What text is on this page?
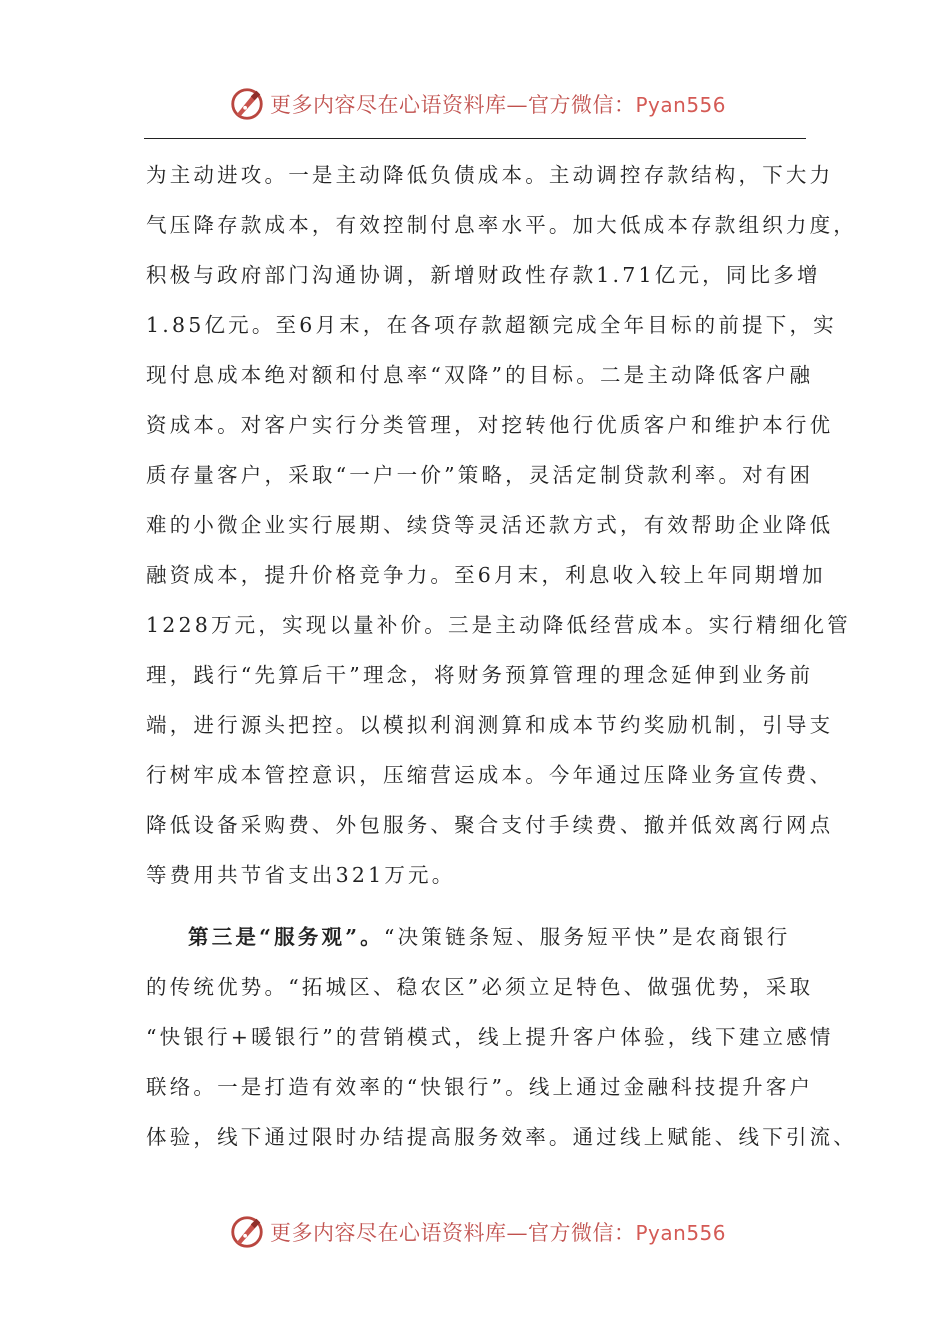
更多内容尽在心语资料库—官方微信：Pyan556
为主动进攻。一是主动降低负债成本。主动调控存款结构，下大力
气压降存款成本，有效控制付息率水平。加大低成本存款组织力度，
积极与政府部门沟通协调，新增财政性存款1.71亿元，同比多增
1.85亿元。至6月末，在各项存款超额完成全年目标的前提下，实
现付息成本绝对额和付息率“双降”的目标。二是主动降低客户融
资成本。对客户实行分类管理，对挖转他行优质客户和维护本行优
质存量客户，采取“一户一价”策略，灵活定制贷款利率。对有困
难的小微企业实行展期、续贷等灵活还款方式，有效帮助企业降低
融资成本，提升价格竞争力。至6月末，利息收入较上年同期增加
1228万元，实现以量补价。三是主动降低经营成本。实行精细化管
理，践行“先算后干”理念，将财务预算管理的理念延伸到业务前
端，进行源头把控。以模拟利润测算和成本节约奖励机制，引导支
行树牢成本管控意识，压缩营运成本。今年通过压降业务宣传费、
降低设备采购费、外包服务、聚合支付手续费、撤并低效离行网点
等费用共节省支出321万元。
第三是“服务观”。“决策链条短、服务短平快”是农商银行
的传统优势。“拓城区、稳农区”必须立足特色、做强优势，采取
“快银行+暖银行”的营销模式，线上提升客户体验，线下建立感情
联络。一是打造有效率的“快银行”。线上通过金融科技提升客户
体验，线下通过限时办结提高服务效率。通过线上赋能、线下引流、
更多内容尽在心语资料库—官方微信：Pyan556
